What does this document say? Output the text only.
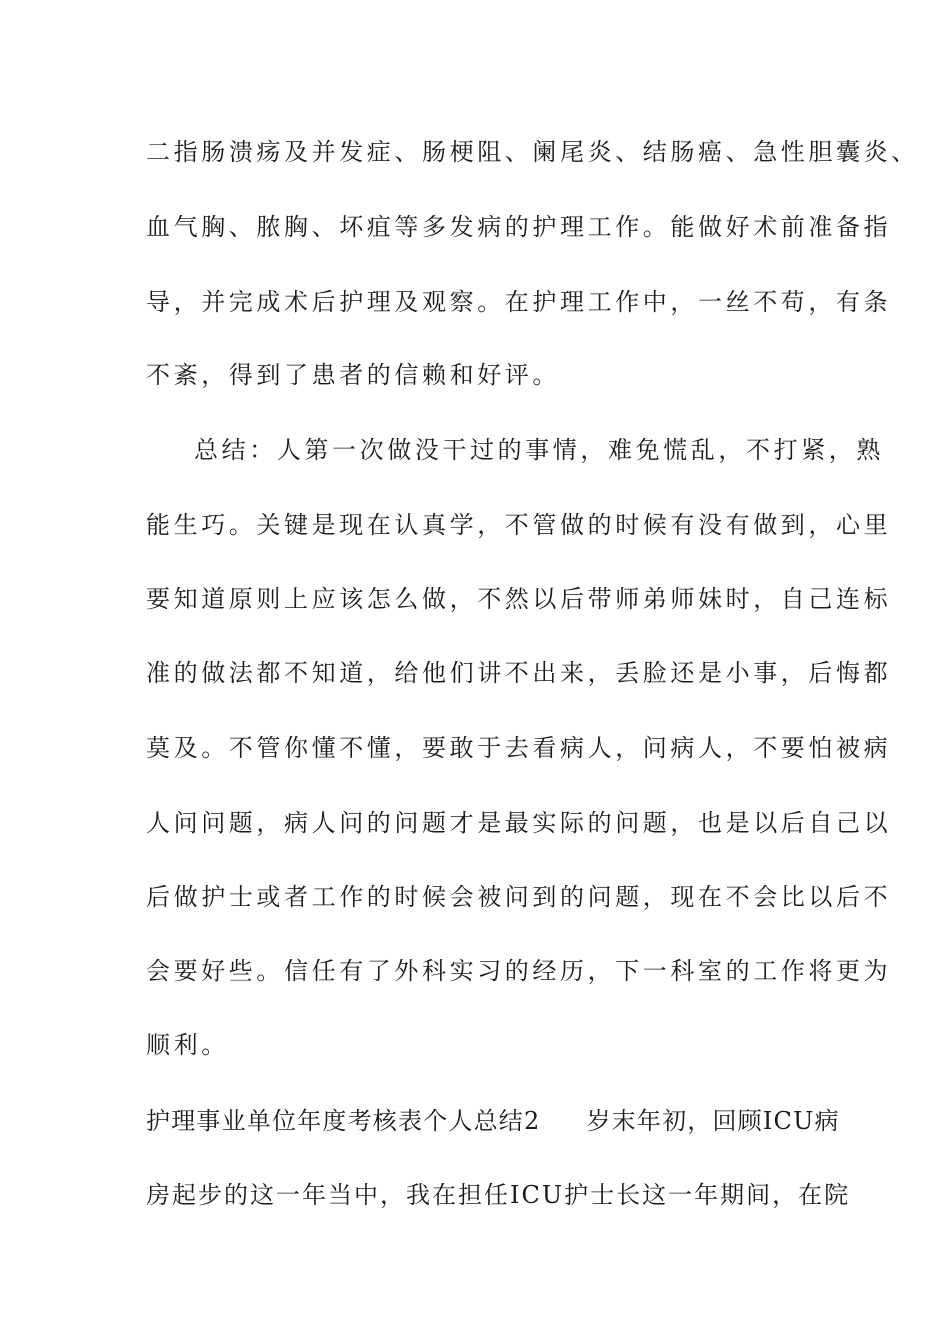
二指肠溃疡及并发症、肠梗阻、阑尾炎、结肠癌、急性胆囊炎、
血气胸、脓胸、坏疽等多发病的护理工作。能做好术前准备指
导，并完成术后护理及观察。在护理工作中，一丝不苟，有条
不紊，得到了患者的信赖和好评。
总结：人第一次做没干过的事情，难免慌乱，不打紧，熟
能生巧。关键是现在认真学，不管做的时候有没有做到，心里
要知道原则上应该怎么做，不然以后带师弟师妹时，自己连标
准的做法都不知道，给他们讲不出来，丢脸还是小事，后悔都
莫及。不管你懂不懂，要敢于去看病人，问病人，不要怕被病
人问问题，病人问的问题才是最实际的问题，也是以后自己以
后做护士或者工作的时候会被问到的问题，现在不会比以后不
会要好些。信任有了外科实习的经历，下一科室的工作将更为
顺利。
护理事业单位年度考核表个人总结2 岁末年初，回顾ICU病
房起步的这一年当中，我在担任ICU护士长这一年期间，在院
